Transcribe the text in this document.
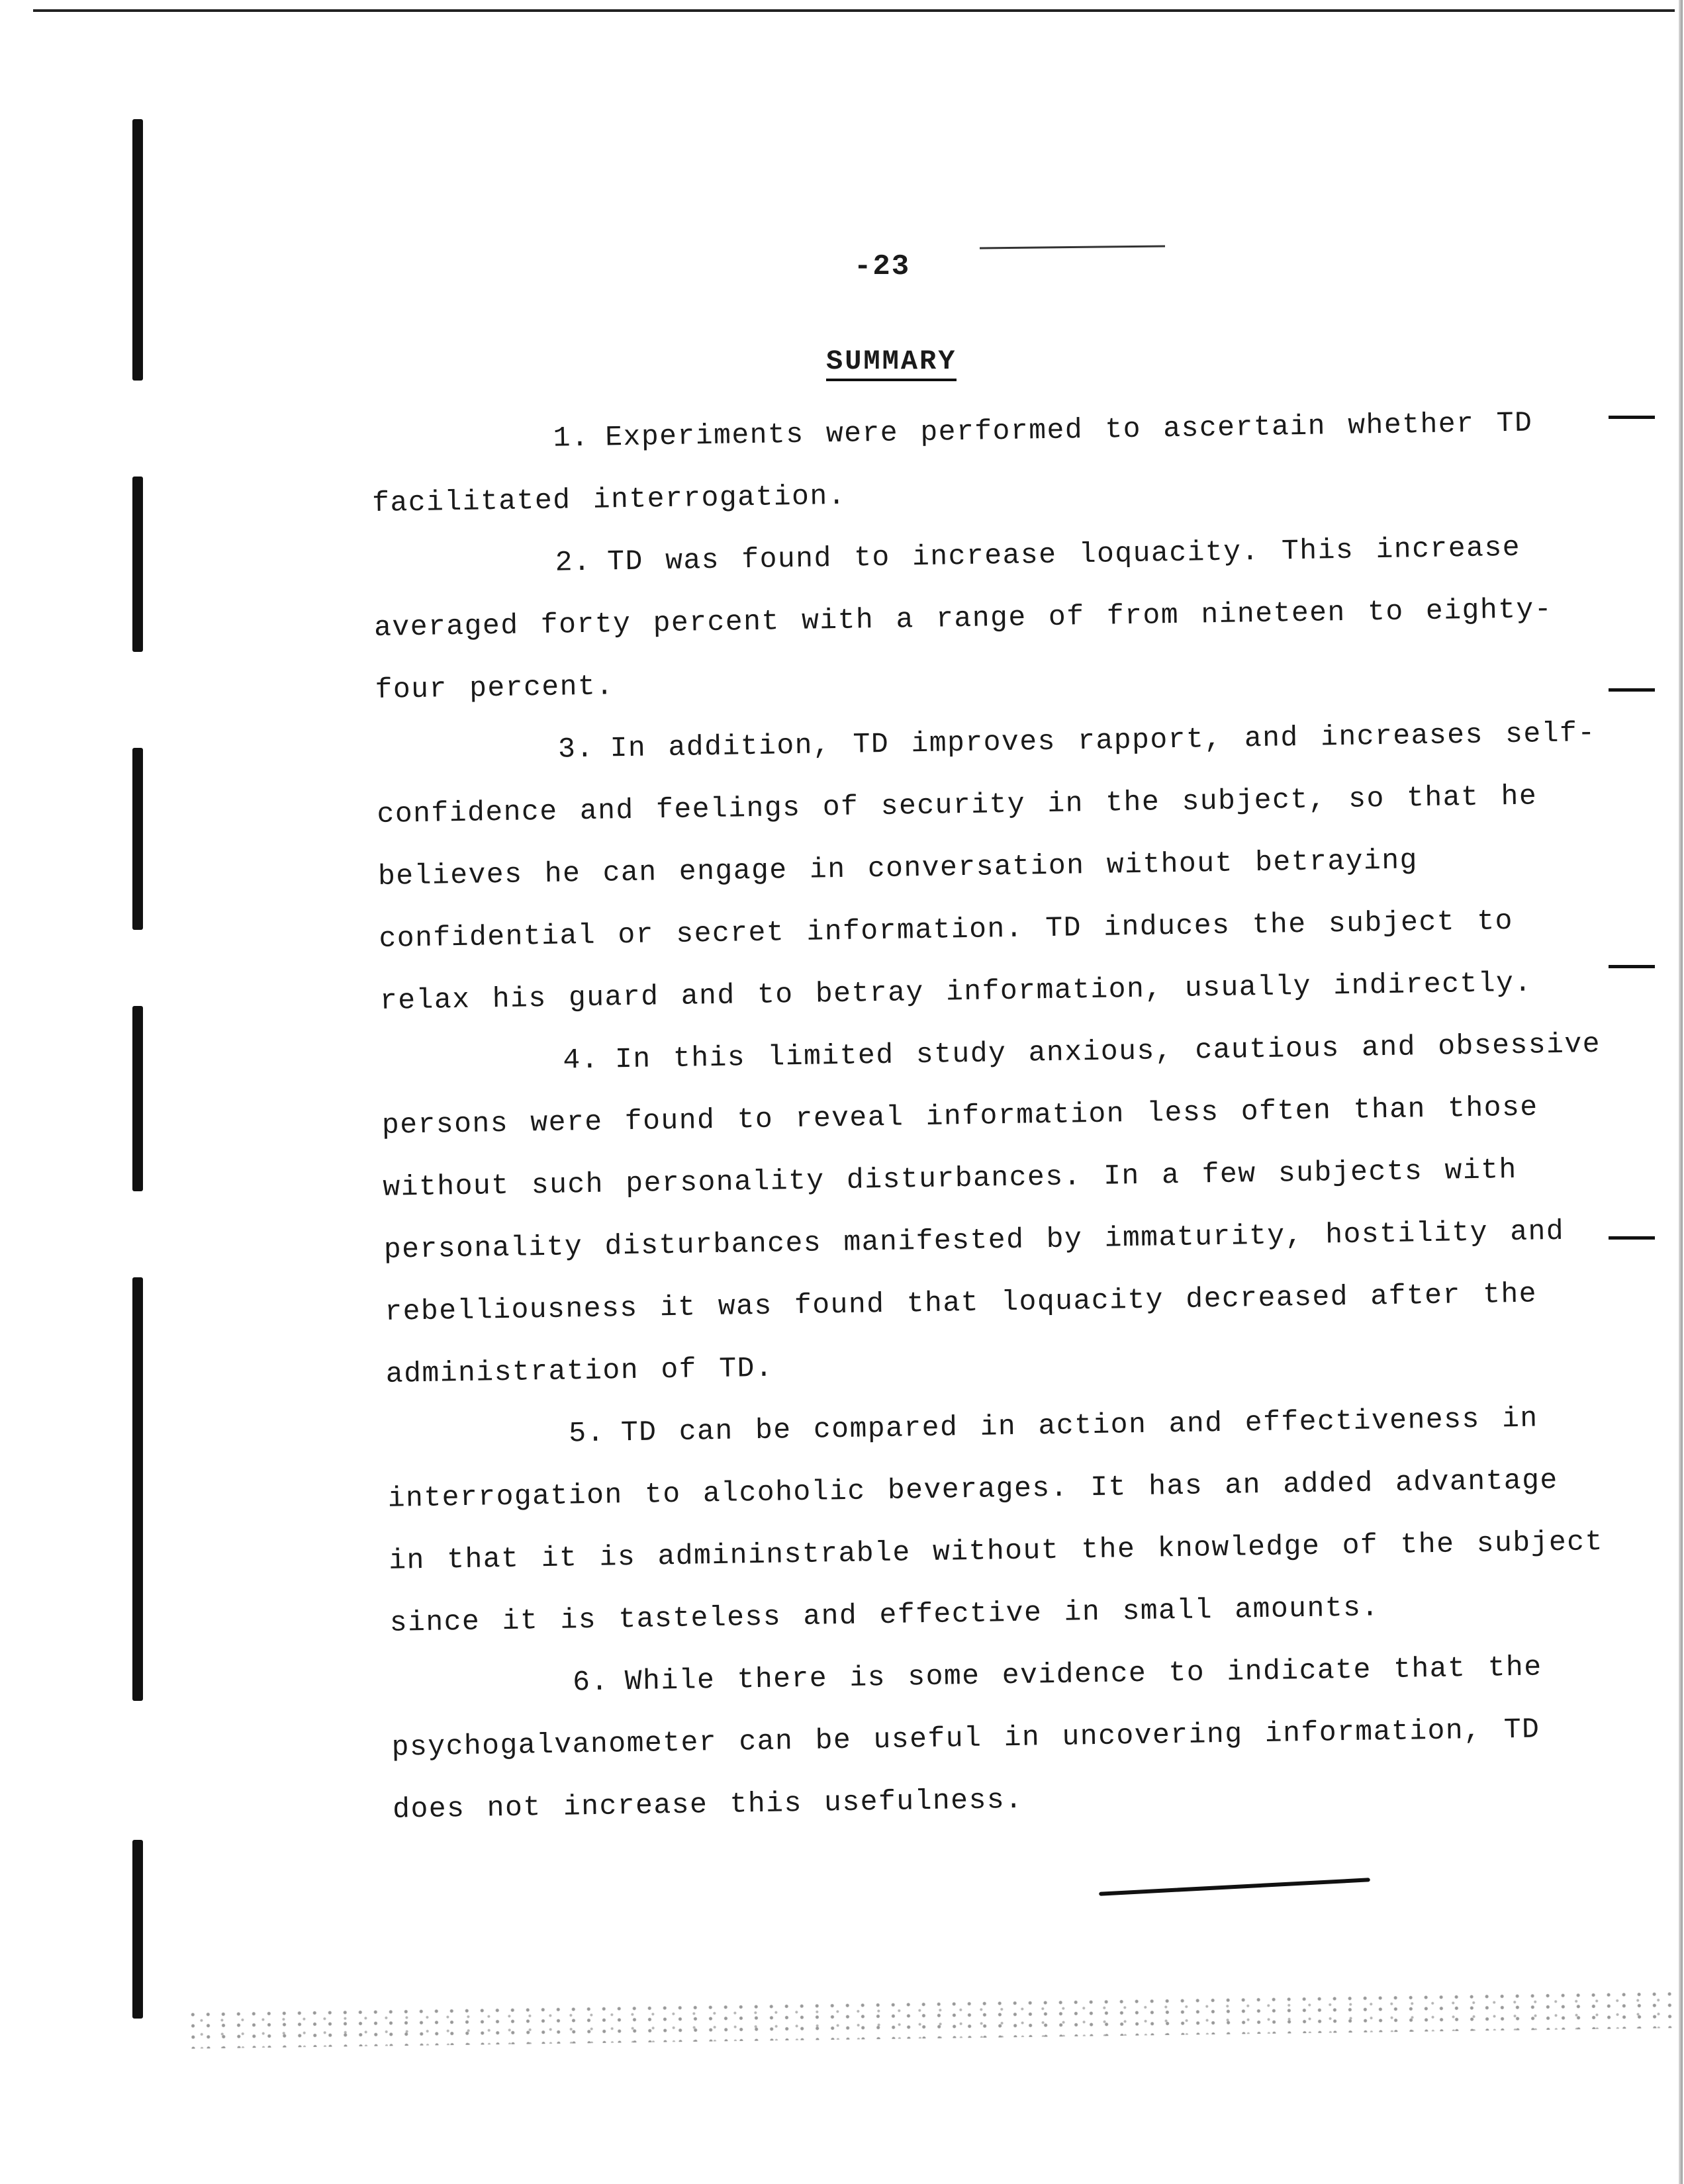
-23
SUMMARY

1. Experiments were performed to ascertain whether TD facilitated interrogation.

2. TD was found to increase loquacity. This increase averaged forty percent with a range of from nineteen to eighty-four percent.

3. In addition, TD improves rapport, and increases self-confidence and feelings of security in the subject, so that he believes he can engage in conversation without betraying confidential or secret information. TD induces the subject to relax his guard and to betray information, usually indirectly.

4. In this limited study anxious, cautious and obsessive persons were found to reveal information less often than those without such personality disturbances. In a few subjects with personality disturbances manifested by immaturity, hostility and rebelliousness it was found that loquacity decreased after the administration of TD.

5. TD can be compared in action and effectiveness in interrogation to alcoholic beverages. It has an added advantage in that it is admininstrable without the knowledge of the subject since it is tasteless and effective in small amounts.

6. While there is some evidence to indicate that the psychogalvanometer can be useful in uncovering information, TD does not increase this usefulness.
